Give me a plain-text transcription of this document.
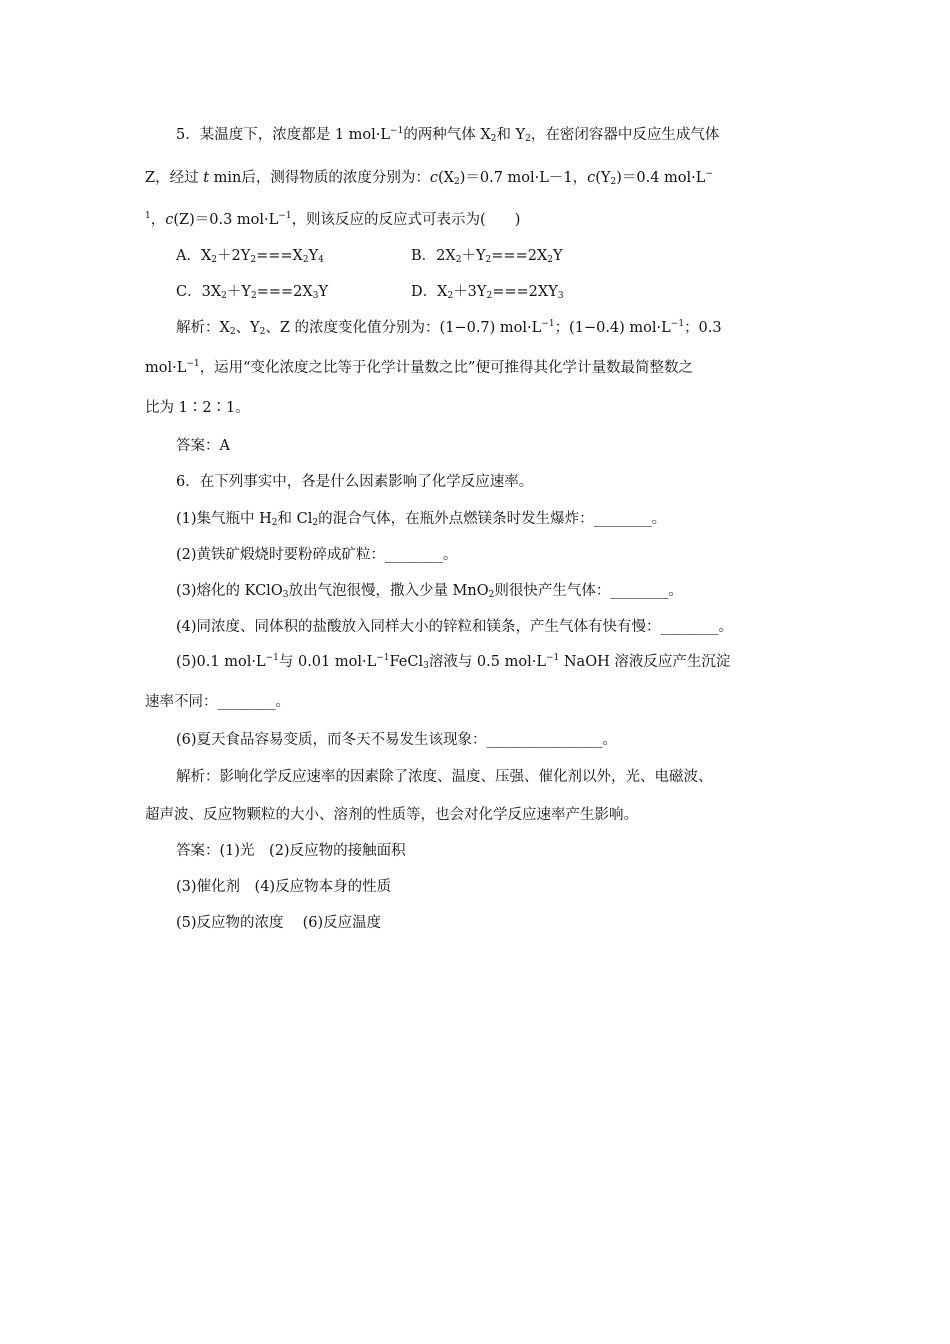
5．某温度下，浓度都是 1 $mol\cdot L^{-1}$的两种气体 $X_2$和 $Y_2$，在密闭容器中反应生成气体
Z，经过 t min后，测得物质的浓度分别为：$c(X_2)=0.7$ mol·L－1，$c(Y_2)=0.4$ mol·L−
$^1$，c(Z)＝0.3 $mol\cdot L^{-1}$，则该反应的反应式可表示为(　　)
A．$X_2+2Y_2===X_2Y_4$	B．$2X_2+Y_2===2X_2Y$
C．$3X_2+Y_2===2X_3Y$	D．$X_2+3Y_2===2XY_3$
解析：$X_2$、$Y_2$、Z 的浓度变化值分别为：(1−0.7) $mol\cdot L^{-1}$；(1−0.4) $mol\cdot L^{-1}$；0.3
$mol\cdot L^{-1}$，运用“变化浓度之比等于化学计量数之比”便可推得其化学计量数最简整数之
比为 1∶2∶1。
答案：A
6．在下列事实中，各是什么因素影响了化学反应速率。
(1)集气瓶中 $H_2$和 $Cl_2$的混合气体，在瓶外点燃镁条时发生爆炸：________。
(2)黄铁矿煅烧时要粉碎成矿粒：________。
(3)熔化的 KClO$_3$放出气泡很慢，撒入少量 MnO$_2$则很快产生气体：________。
(4)同浓度、同体积的盐酸放入同样大小的锌粒和镁条，产生气体有快有慢：________。
(5)0.1 $mol\cdot L^{-1}$与 0.01 $mol\cdot L^{-1}FeCl_3$溶液与 0.5 $mol\cdot L^{-1}$ NaOH 溶液反应产生沉淀
速率不同：________。
(6)夏天食品容易变质，而冬天不易发生该现象：________________。
解析：影响化学反应速率的因素除了浓度、温度、压强、催化剂以外，光、电磁波、
超声波、反应物颗粒的大小、溶剂的性质等，也会对化学反应速率产生影响。
答案：(1)光　(2)反应物的接触面积
(3)催化剂　(4)反应物本身的性质
(5)反应物的浓度　 (6)反应温度
